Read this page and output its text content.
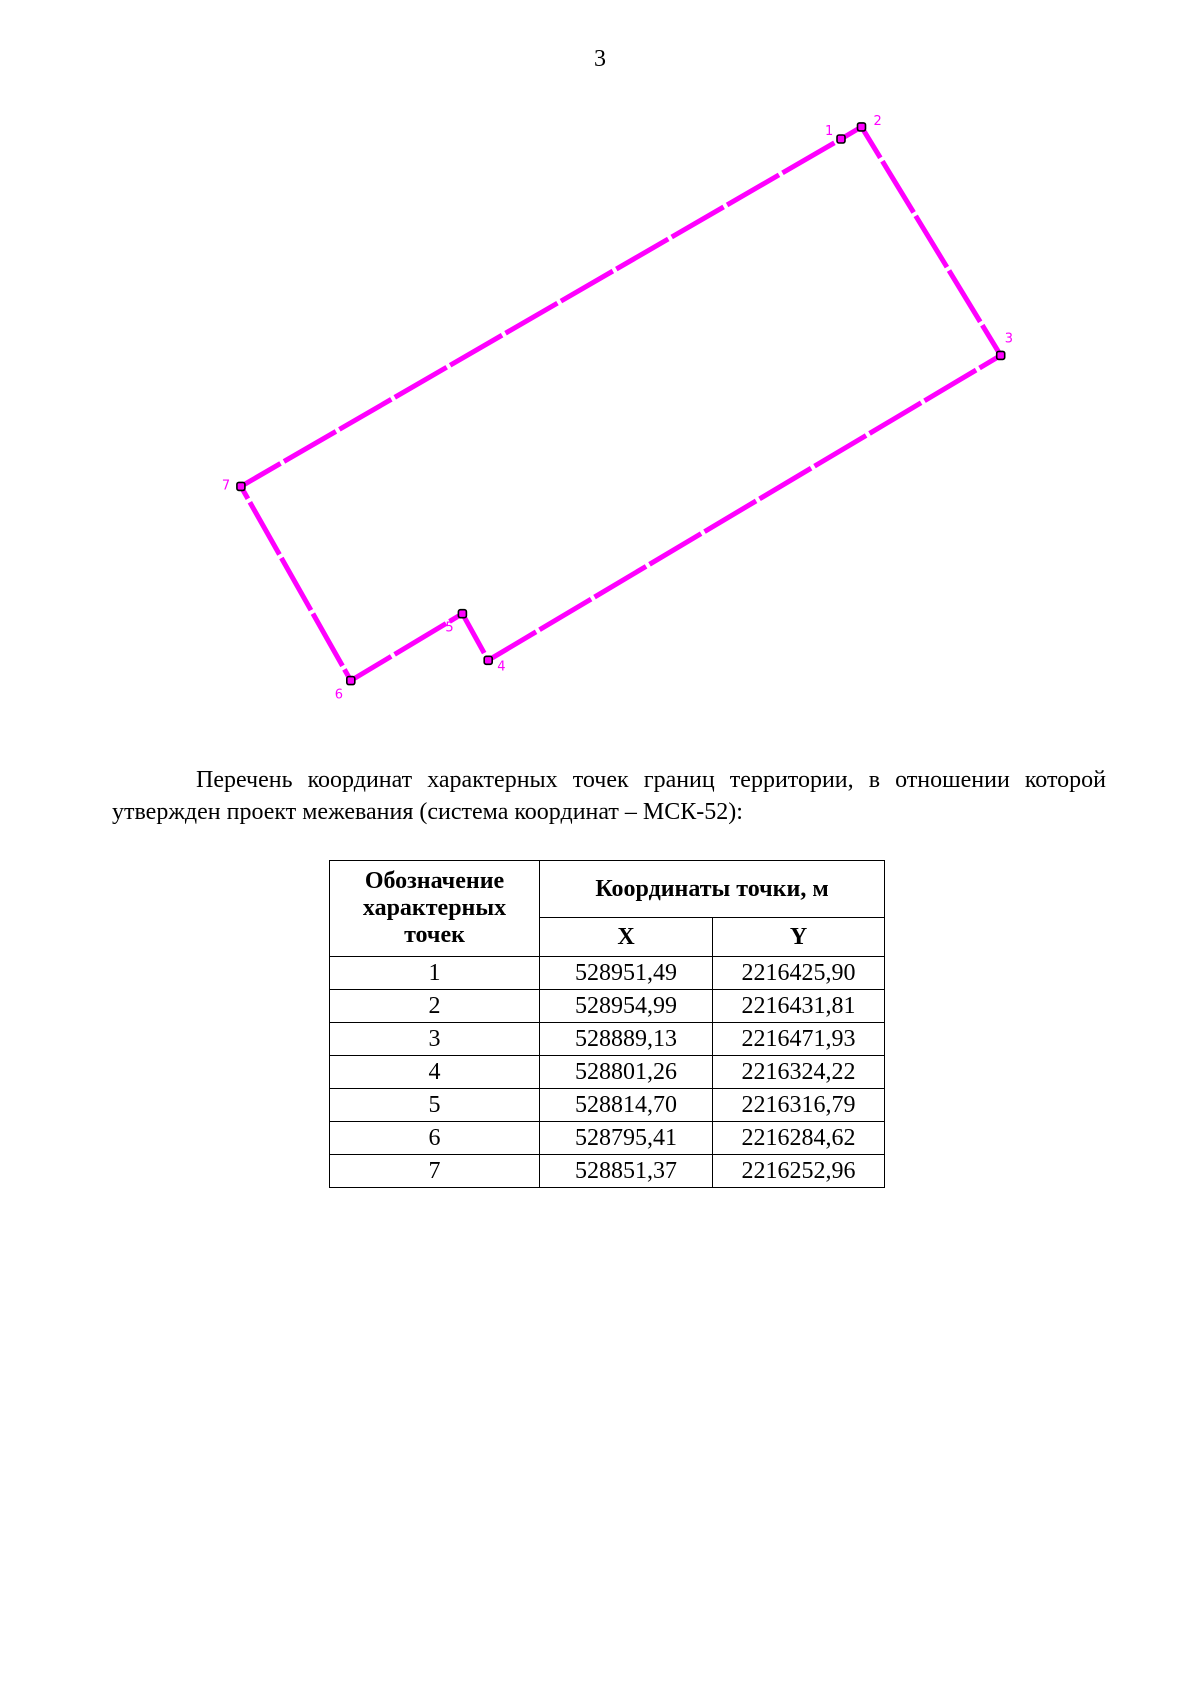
3
1
2
3
4
5
6
7
Перечень координат характерных точек границ территории, в отношении которой утвержден проект межевания (система координат – МСК-52):
Обозначение характерных точек	Координаты точки, м	
	X	Y
1	528951,49	2216425,90
2	528954,99	2216431,81
3	528889,13	2216471,93
4	528801,26	2216324,22
5	528814,70	2216316,79
6	528795,41	2216284,62
7	528851,37	2216252,96
